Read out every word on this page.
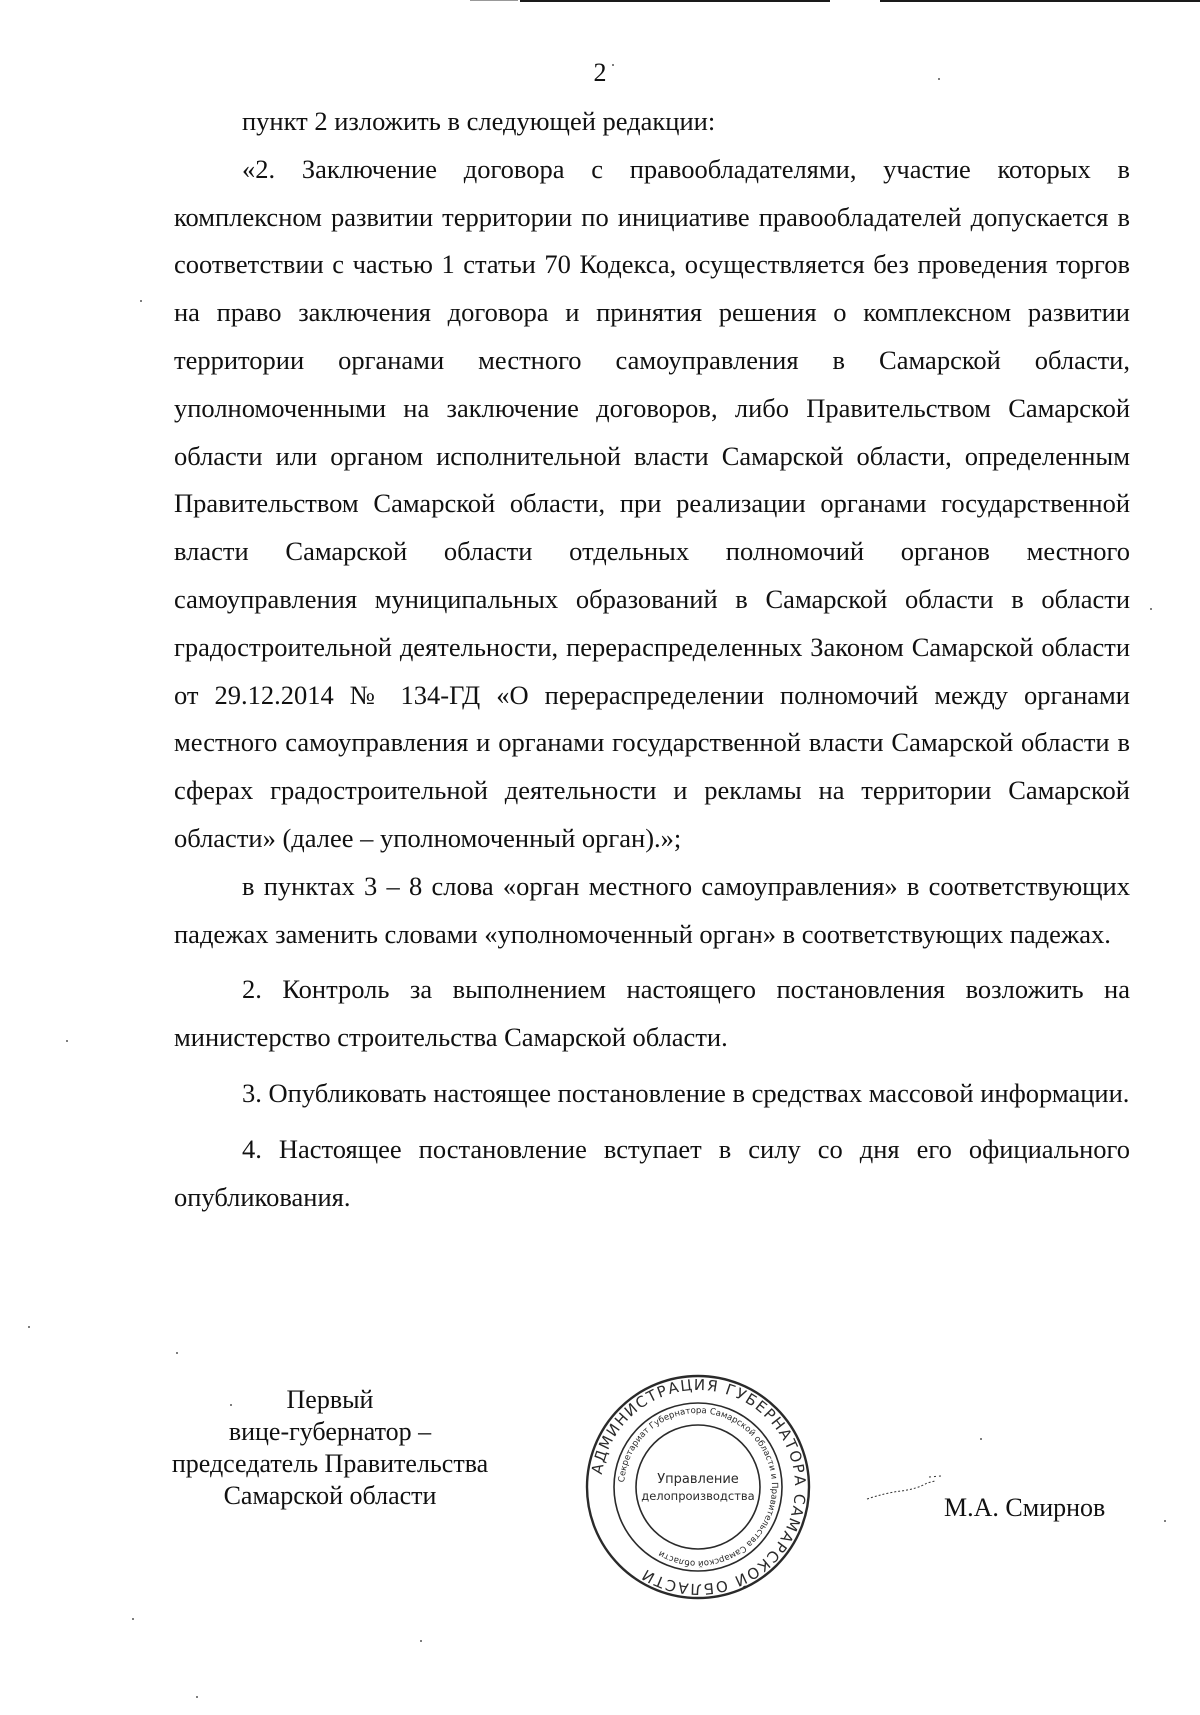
2

пункт 2 изложить в следующей редакции:

«2. Заключение договора с правообладателями, участие которых в комплексном развитии территории по инициативе правообладателей допускается в соответствии с частью 1 статьи 70 Кодекса, осуществляется без проведения торгов на право заключения договора и принятия решения о комплексном развитии территории органами местного самоуправления в Самарской области, уполномоченными на заключение договоров, либо Правительством Самарской области или органом исполнительной власти Самарской области, определенным Правительством Самарской области, при реализации органами государственной власти Самарской области отдельных полномочий органов местного самоуправления муниципальных образований в Самарской области в области градостроительной деятельности, перераспределенных Законом Самарской области от 29.12.2014 № 134-ГД «О перераспределении полномочий между органами местного самоуправления и органами государственной власти Самарской области в сферах градостроительной деятельности и рекламы на территории Самарской области» (далее – уполномоченный орган).»;

в пунктах 3 – 8 слова «орган местного самоуправления» в соответствующих падежах заменить словами «уполномоченный орган» в соответствующих падежах.

2. Контроль за выполнением настоящего постановления возложить на министерство строительства Самарской области.

3. Опубликовать настоящее постановление в средствах массовой информации.

4. Настоящее постановление вступает в силу со дня его официального опубликования.

Первый
вице-губернатор –
председатель Правительства
Самарской области
АДМИНИСТРАЦИЯ ГУБЕРНАТОРА САМАРСКОЙ ОБЛАСТИ
Секретариат Губернатора Самарской области и Правительства Самарской области
Управление
делопроизводства	М.А. Смирнов
